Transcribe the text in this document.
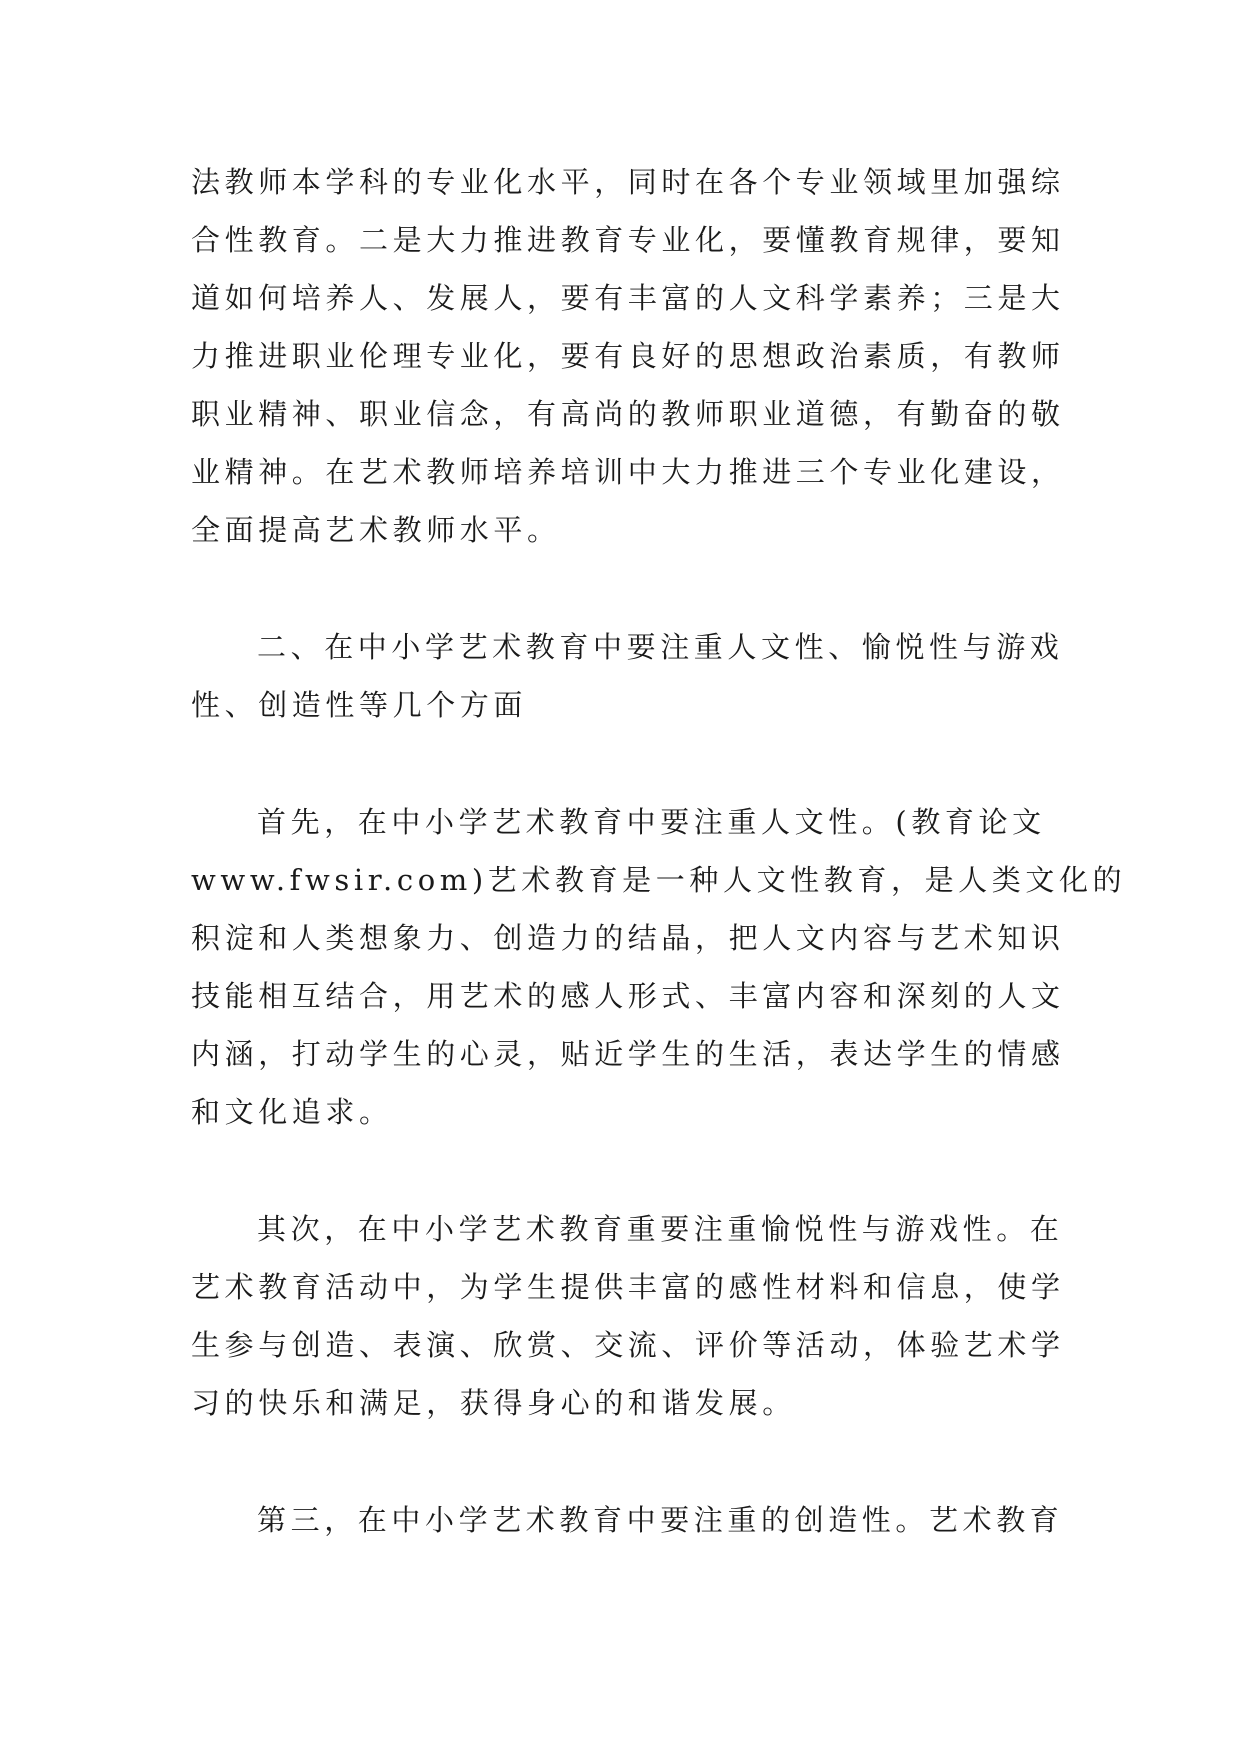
法教师本学科的专业化水平，同时在各个专业领域里加强综
合性教育。二是大力推进教育专业化，要懂教育规律，要知
道如何培养人、发展人，要有丰富的人文科学素养；三是大
力推进职业伦理专业化，要有良好的思想政治素质，有教师
职业精神、职业信念，有高尚的教师职业道德，有勤奋的敬
业精神。在艺术教师培养培训中大力推进三个专业化建设，
全面提高艺术教师水平。
二、在中小学艺术教育中要注重人文性、愉悦性与游戏
性、创造性等几个方面
首先，在中小学艺术教育中要注重人文性。(教育论文
www.fwsir.com)艺术教育是一种人文性教育，是人类文化的
积淀和人类想象力、创造力的结晶，把人文内容与艺术知识
技能相互结合，用艺术的感人形式、丰富内容和深刻的人文
内涵，打动学生的心灵，贴近学生的生活，表达学生的情感
和文化追求。
其次，在中小学艺术教育重要注重愉悦性与游戏性。在
艺术教育活动中，为学生提供丰富的感性材料和信息，使学
生参与创造、表演、欣赏、交流、评价等活动，体验艺术学
习的快乐和满足，获得身心的和谐发展。
第三，在中小学艺术教育中要注重的创造性。艺术教育
